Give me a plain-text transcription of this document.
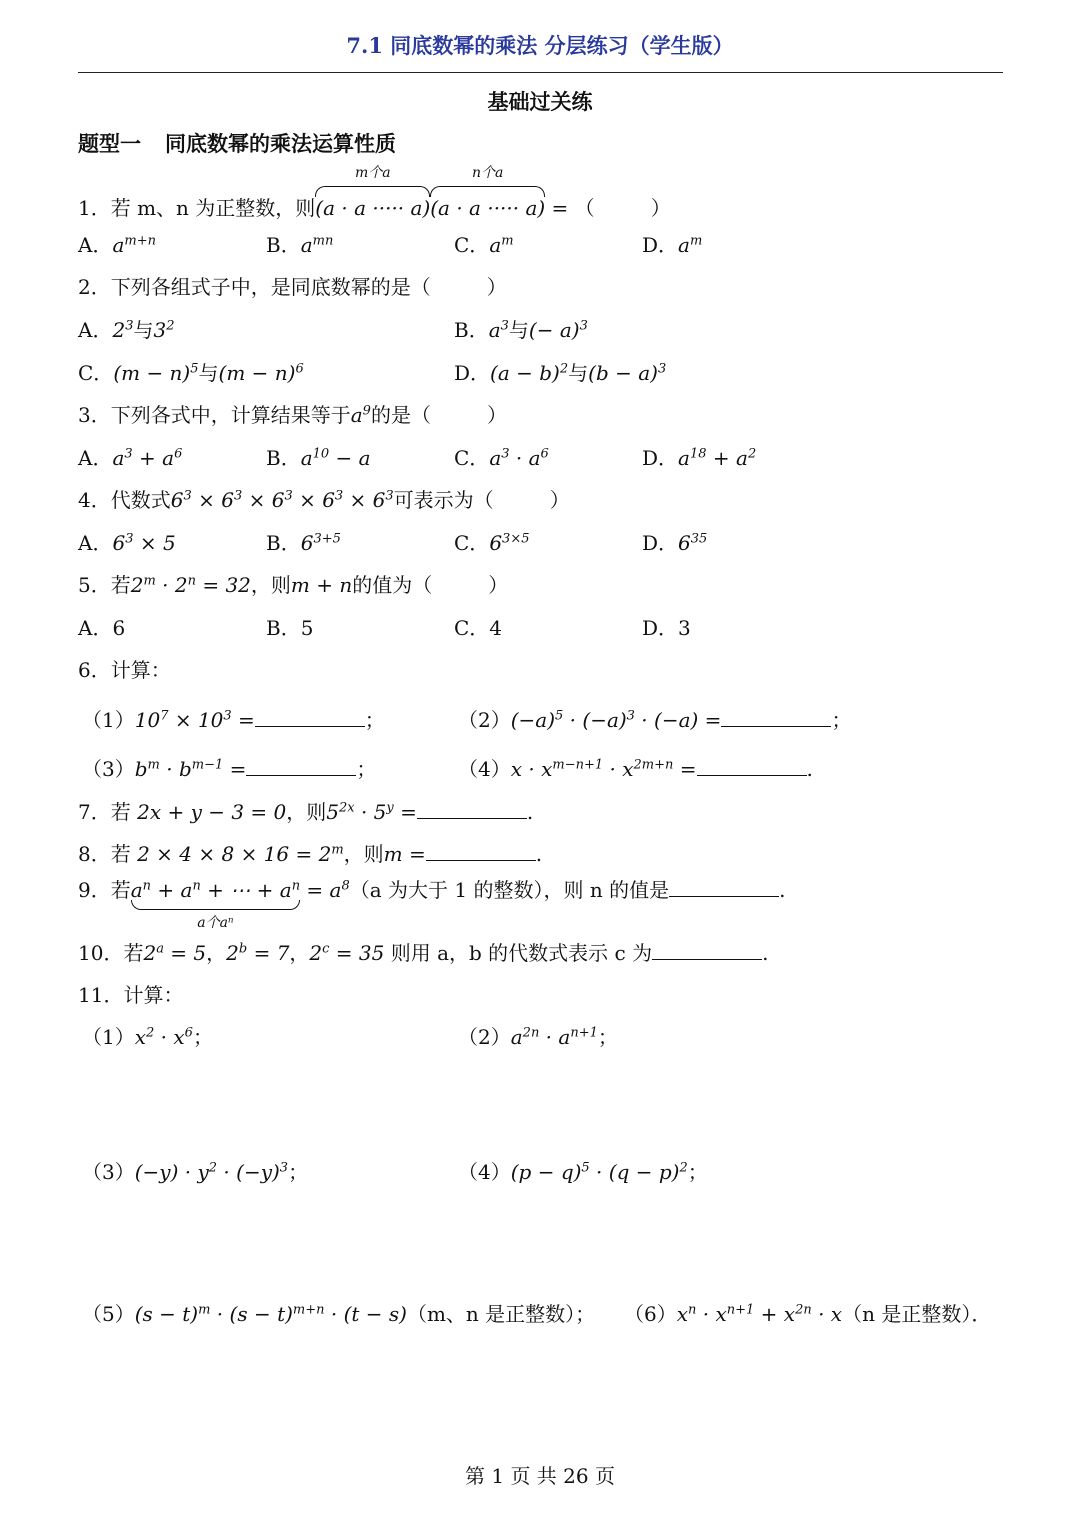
7.1 同底数幂的乘法 分层练习（学生版）
基础过关练
题型一 同底数幂的乘法运算性质
1．若 m、n 为正整数，则
m个a
(a · a ····· a)
n个a
(a · a ····· a) = （	）
A．$a^{m+n}$	B．$a^{mn}$	C．$a^m$	D．$a^m$
2．下列各组式子中，是同底数幂的是（	）
A．$2^3$与$3^2$	B．$a^3$与(− a)$^3$
C．$(m - n)^5$与$(m - n)^6$	D．$(a - b)^2$与$(b - a)^3$
3．下列各式中，计算结果等于$a^9$的是（	）
A．$a^3 + a^6$	B．$a^{10} - a$	C．$a^3 \cdot a^6$	D．$a^{18} + a^2$
4．代数式$6^3 \times 6^3 \times 6^3 \times 6^3 \times 6^3$可表示为（	）
A．$6^3 \times 5$	B．$6^{3+5}$	C．$6^{3\times 5}$	D．$6^{35}$
5．若$2^m \cdot 2^n = 32$，则m + n的值为（	）
A．6	B．5	C．4	D．3
6．计算：
$(1)10^7 \times 10^3$ =	；	$(2)(-a)^5 \cdot (-a)^3 \cdot (-a)$ =	；
$(3)b^m \cdot b^{m-1}$ =	；	$(4)x \cdot x^{m-n+1} \cdot x^{2m+n}$ =	.
7．若 2x + y − 3 = 0，则$5^{2x} \cdot 5^y$ =	.
8．若 $2 \times 4 \times 8 \times 16 = 2^m$，则m =	.
9．若
a个aⁿ
$a^n + a^n$ + ⋯ + $a^n = a^8(a$ 为大于 1 的整数），则 n 的值是	.
10．若$2^a = 5$，$2^b = 7$，$2^c = 35$ 则用 a，b 的代数式表示 c 为	.
11．计算：
$(1)x^2 \cdot x^6$；	$(2)a^{2n} \cdot a^{n+1}$；
$(3)(-y) \cdot y^2 \cdot (-y)^3$；	$(4)(p - q)^5 \cdot (q - p)^2$；
$(5)(s - t)^m \cdot (s - t)^{m+n} \cdot (t - s)(m$、n 是正整数）； $(6)x^n \cdot x^{n+1} + x^{2n} \cdot x(n$ 是正整数）．
第 1 页 共 26 页
